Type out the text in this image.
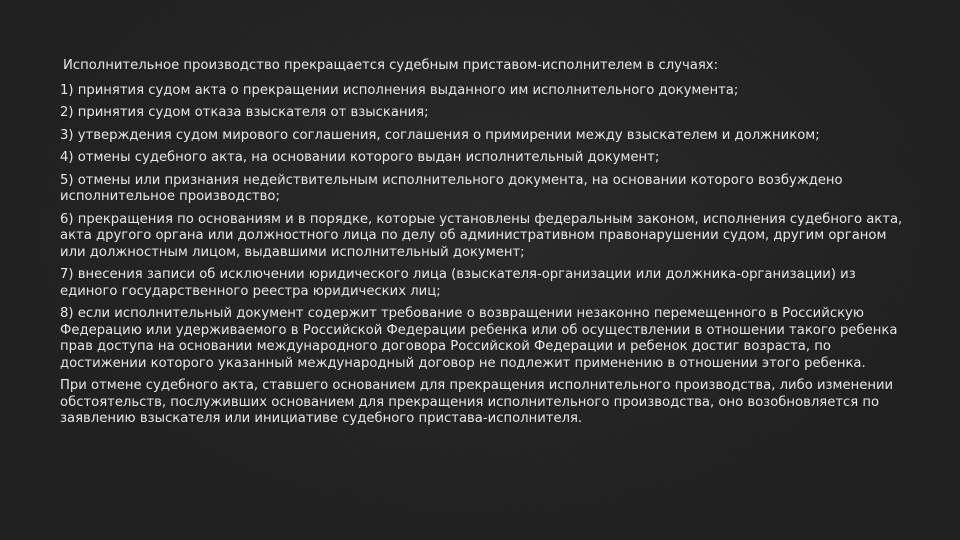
Исполнительное производство прекращается судебным приставом-исполнителем в случаях:

1) принятия судом акта о прекращении исполнения выданного им исполнительного документа;

2) принятия судом отказа взыскателя от взыскания;

3) утверждения судом мирового соглашения, соглашения о примирении между взыскателем и должником;

4) отмены судебного акта, на основании которого выдан исполнительный документ;

5) отмены или признания недействительным исполнительного документа, на основании которого возбуждено исполнительное производство;

6) прекращения по основаниям и в порядке, которые установлены федеральным законом, исполнения судебного акта, акта другого органа или должностного лица по делу об административном правонарушении судом, другим органом или должностным лицом, выдавшими исполнительный документ;

7) внесения записи об исключении юридического лица (взыскателя-организации или должника-организации) из единого государственного реестра юридических лиц;

8) если исполнительный документ содержит требование о возвращении незаконно перемещенного в Российскую Федерацию или удерживаемого в Российской Федерации ребенка или об осуществлении в отношении такого ребенка прав доступа на основании международного договора Российской Федерации и ребенок достиг возраста, по достижении которого указанный международный договор не подлежит применению в отношении этого ребенка.

При отмене судебного акта, ставшего основанием для прекращения исполнительного производства, либо изменении обстоятельств, послуживших основанием для прекращения исполнительного производства, оно возобновляется по заявлению взыскателя или инициативе судебного пристава-исполнителя.
